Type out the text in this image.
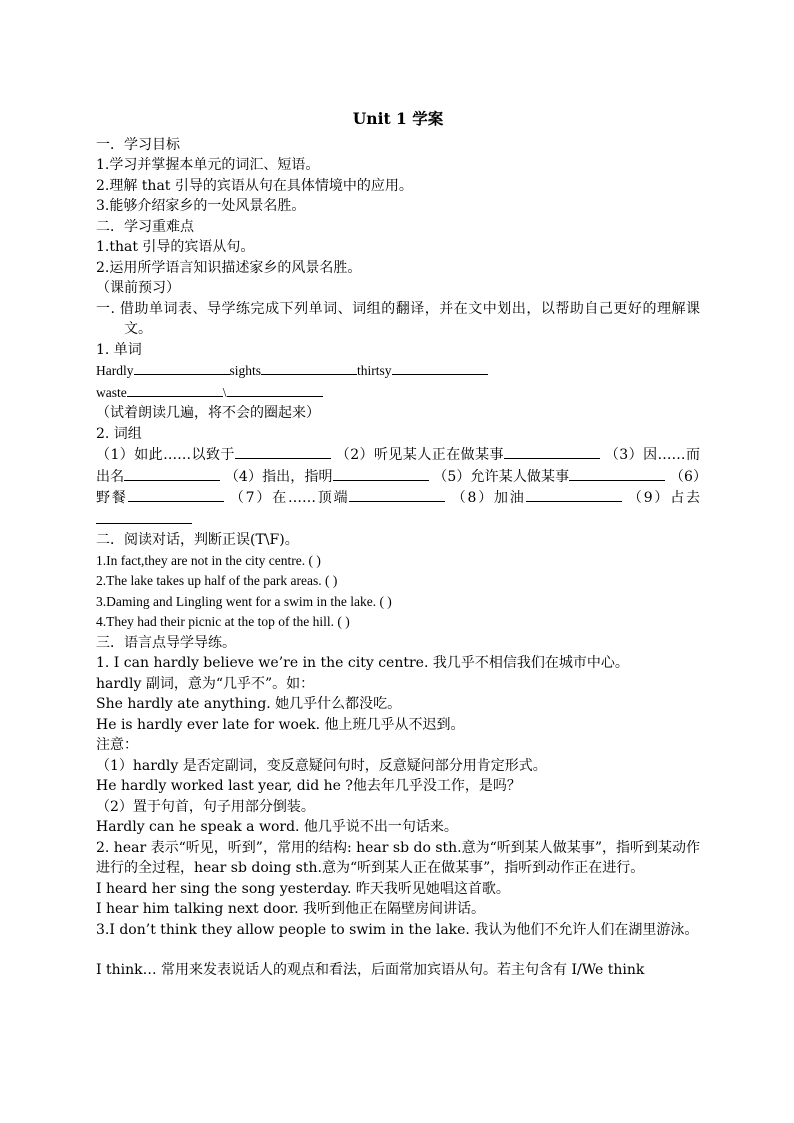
Unit 1 学案
一．学习目标
1.学习并掌握本单元的词汇、短语。
2.理解 that 引导的宾语从句在具体情境中的应用。
3.能够介绍家乡的一处风景名胜。
二．学习重难点
1.that 引导的宾语从句。
2.运用所学语言知识描述家乡的风景名胜。
（课前预习）
一. 借助单词表、导学练完成下列单词、词组的翻译，并在文中划出，以帮助自己更好的理解课文。
1. 单词
Hardly	sights	thirtsy
waste	\
（试着朗读几遍，将不会的圈起来）
2. 词组
（1）如此……以致于	（2）听见某人正在做某事	（3）因……而出名	（4）指出，指明	（5）允许某人做某事	（6）野餐	（7）在……顶端	（8）加油	（9）占去
二．阅读对话，判断正误(T\F)。
1.In fact,they are not in the city centre. ( )
2.The lake takes up half of the park areas. ( )
3.Daming and Lingling went for a swim in the lake. ( )
4.They had their picnic at the top of the hill. ( )
三．语言点导学导练。
1. I can hardly believe we’re in the city centre. 我几乎不相信我们在城市中心。
hardly 副词，意为“几乎不”。如：
She hardly ate anything. 她几乎什么都没吃。
He is hardly ever late for woek. 他上班几乎从不迟到。
注意：
（1）hardly 是否定副词，变反意疑问句时，反意疑问部分用肯定形式。
He hardly worked last year, did he ?他去年几乎没工作，是吗？
（2）置于句首，句子用部分倒装。
Hardly can he speak a word. 他几乎说不出一句话来。
2. hear 表示“听见，听到”，常用的结构: hear sb do sth.意为“听到某人做某事”，指听到某动作进行的全过程，hear sb doing sth.意为“听到某人正在做某事”，指听到动作正在进行。
I heard her sing the song yesterday. 昨天我听见她唱这首歌。
I hear him talking next door. 我听到他正在隔壁房间讲话。
3.I don’t think they allow people to swim in the lake. 我认为他们不允许人们在湖里游泳。
I think… 常用来发表说话人的观点和看法，后面常加宾语从句。若主句含有 I/We think
